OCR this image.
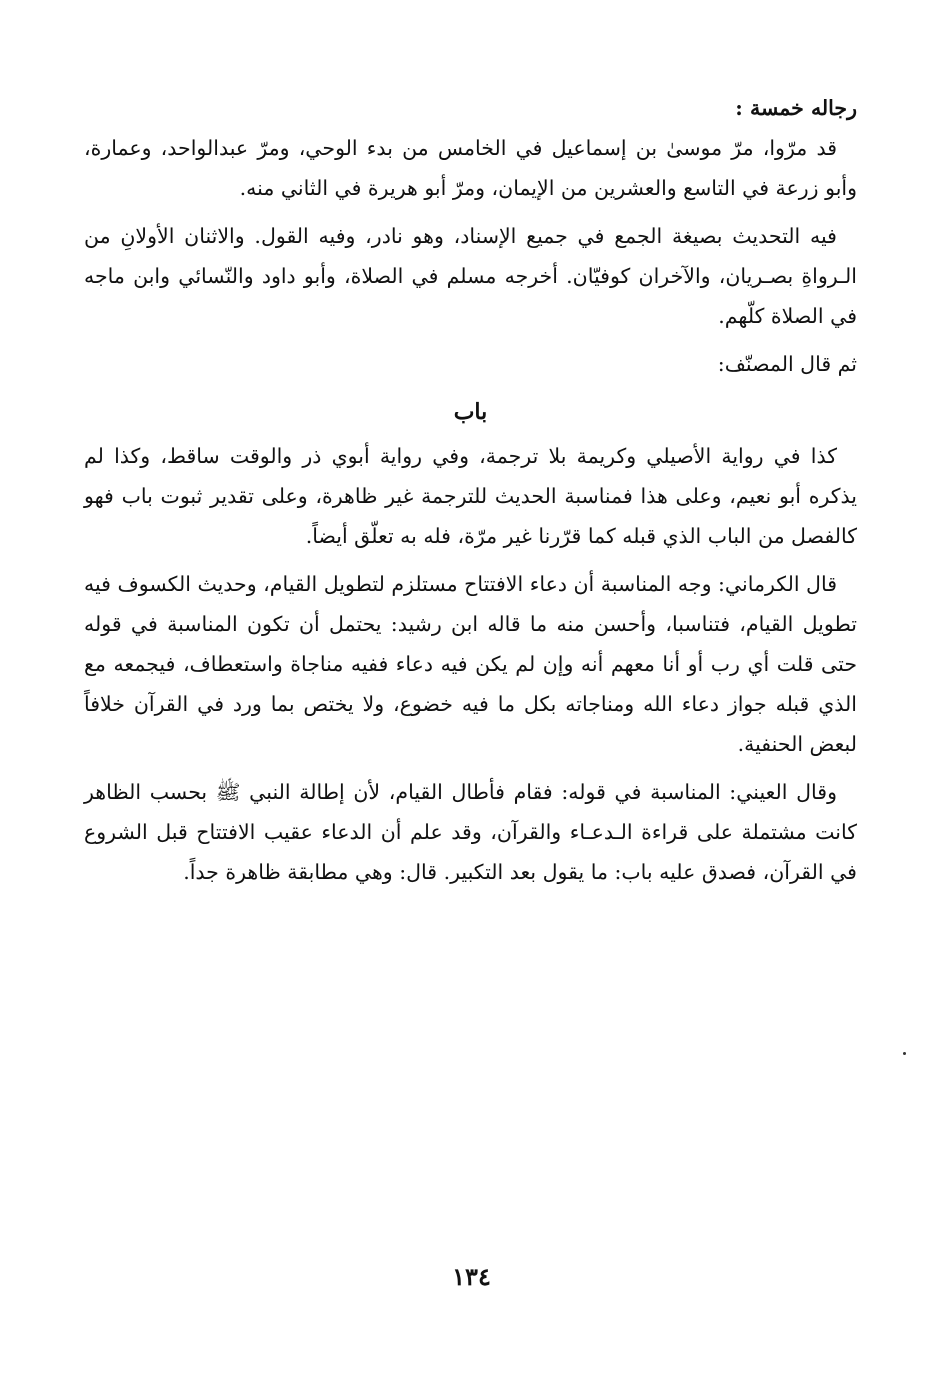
رجاله خمسة :

قد مرّوا، مرّ موسىٰ بن إسماعيل في الخامس من بدء الوحي، ومرّ عبدالواحد، وعمارة، وأبو زرعة في التاسع والعشرين من الإيمان، ومرّ أبو هريرة في الثاني منه.

فيه التحديث بصيغة الجمع في جميع الإسناد، وهو نادر، وفيه القول. والاثنان الأولانِ من الـرواةِ بصـريان، والآخران كوفيّان. أخرجه مسلم في الصلاة، وأبو داود والنّسائي وابن ماجه في الصلاة كلّهم.

ثم قال المصنّف:

باب

كذا في رواية الأصيلي وكريمة بلا ترجمة، وفي رواية أبوي ذر والوقت ساقط، وكذا لم يذكره أبو نعيم، وعلى هذا فمناسبة الحديث للترجمة غير ظاهرة، وعلى تقدير ثبوت باب فهو كالفصل من الباب الذي قبله كما قرّرنا غير مرّة، فله به تعلّق أيضاً.

قال الكرماني: وجه المناسبة أن دعاء الافتتاح مستلزم لتطويل القيام، وحديث الكسوف فيه تطويل القيام، فتناسبا، وأحسن منه ما قاله ابن رشيد: يحتمل أن تكون المناسبة في قوله حتى قلت أي رب أو أنا معهم أنه وإن لم يكن فيه دعاء ففيه مناجاة واستعطاف، فيجمعه مع الذي قبله جواز دعاء الله ومناجاته بكل ما فيه خضوع، ولا يختص بما ورد في القرآن خلافاً لبعض الحنفية.

وقال العيني: المناسبة في قوله: فقام فأطال القيام، لأن إطالة النبي ﷺ بحسب الظاهر كانت مشتملة على قراءة الـدعـاء والقرآن، وقد علم أن الدعاء عقيب الافتتاح قبل الشروع في القرآن، فصدق عليه باب: ما يقول بعد التكبير. قال: وهي مطابقة ظاهرة جداً.

١٣٤
